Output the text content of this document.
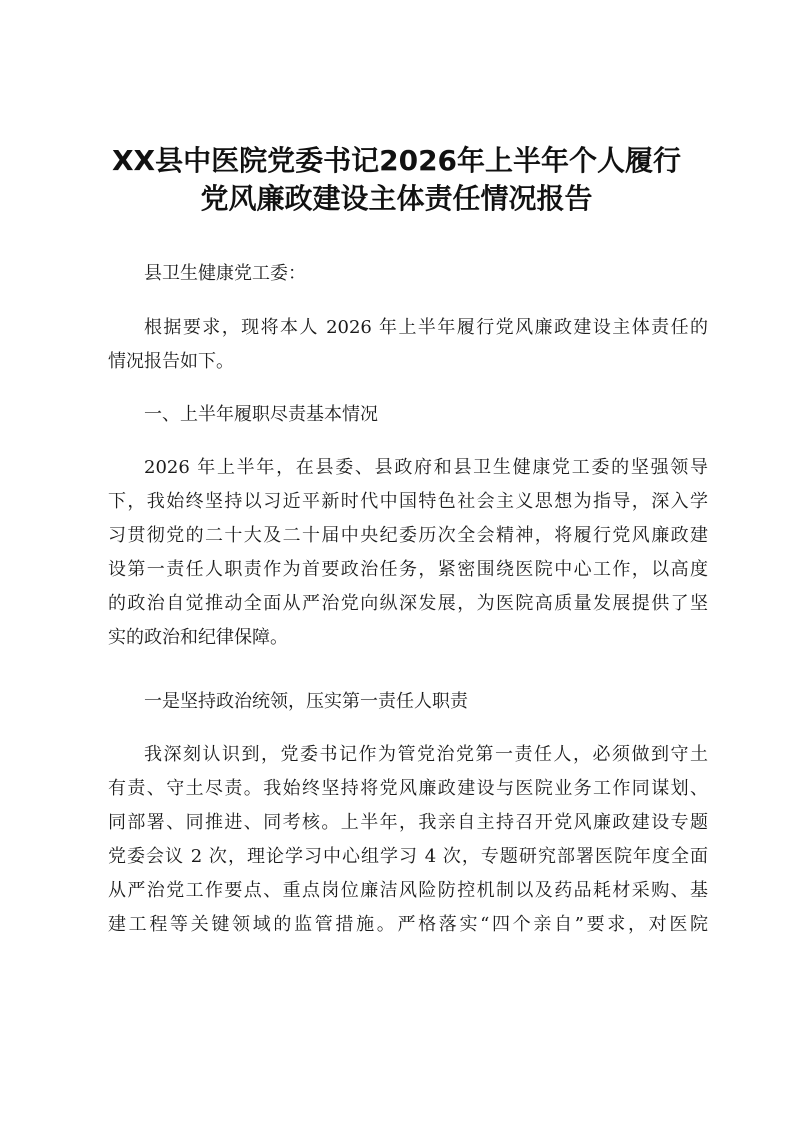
XX县中医院党委书记2026年上半年个人履行
党风廉政建设主体责任情况报告

县卫生健康党工委：

根据要求，现将本人 2026 年上半年履行党风廉政建设主体责任的

情况报告如下。

一、上半年履职尽责基本情况

2026 年上半年，在县委、县政府和县卫生健康党工委的坚强领导

下，我始终坚持以习近平新时代中国特色社会主义思想为指导，深入学

习贯彻党的二十大及二十届中央纪委历次全会精神，将履行党风廉政建

设第一责任人职责作为首要政治任务，紧密围绕医院中心工作，以高度

的政治自觉推动全面从严治党向纵深发展，为医院高质量发展提供了坚

实的政治和纪律保障。

一是坚持政治统领，压实第一责任人职责

我深刻认识到，党委书记作为管党治党第一责任人，必须做到守土

有责、守土尽责。我始终坚持将党风廉政建设与医院业务工作同谋划、

同部署、同推进、同考核。上半年，我亲自主持召开党风廉政建设专题

党委会议 2 次，理论学习中心组学习 4 次，专题研究部署医院年度全面

从严治党工作要点、重点岗位廉洁风险防控机制以及药品耗材采购、基

建工程等关键领域的监管措施。严格落实“四个亲自”要求，对医院
